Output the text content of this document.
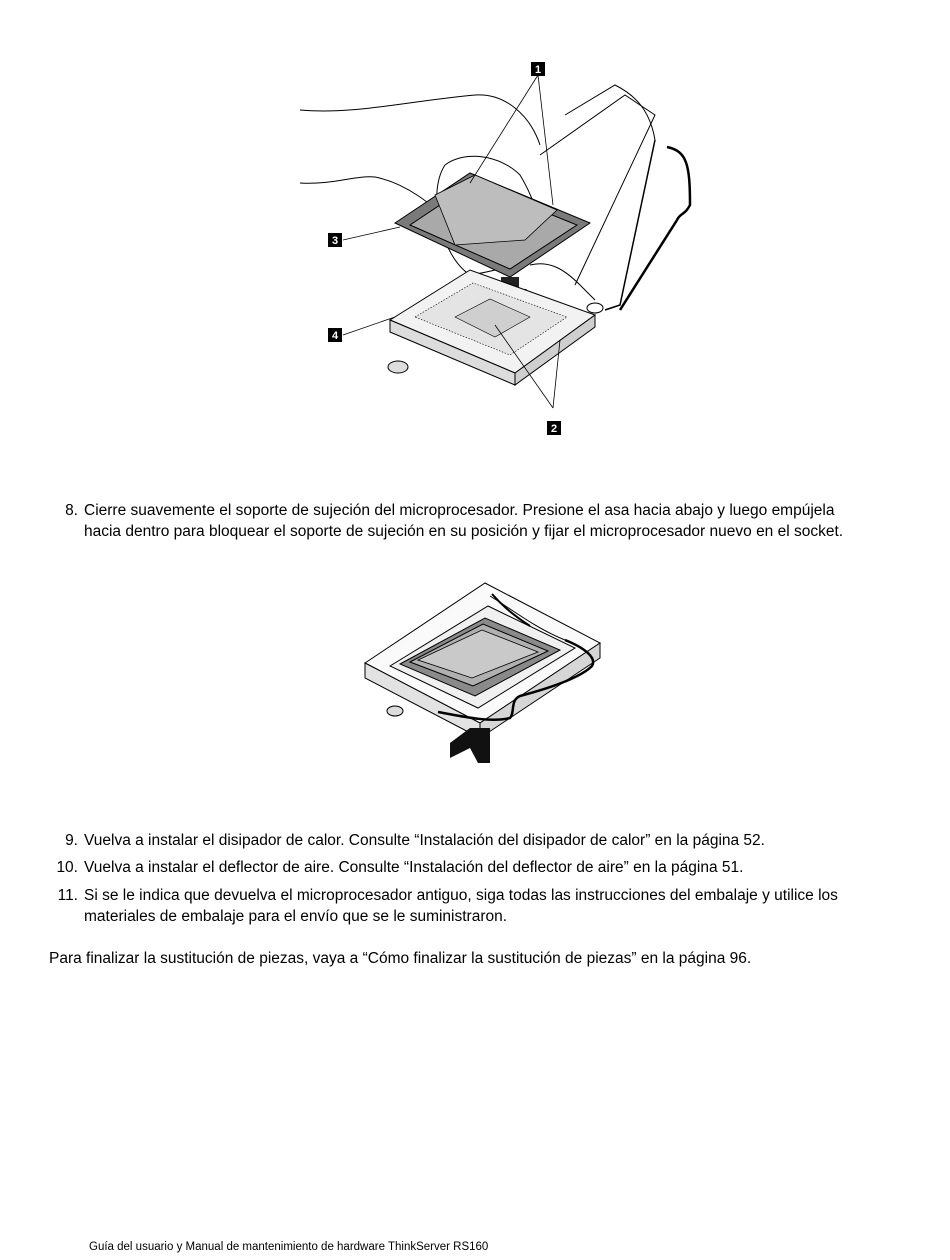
1
2
3
4
8. Cierre suavemente el soporte de sujeción del microprocesador. Presione el asa hacia abajo y luego empújela hacia dentro para bloquear el soporte de sujeción en su posición y fijar el microprocesador nuevo en el socket.
9. Vuelva a instalar el disipador de calor. Consulte “Instalación del disipador de calor” en la página 52.
10. Vuelva a instalar el deflector de aire. Consulte “Instalación del deflector de aire” en la página 51.
11. Si se le indica que devuelva el microprocesador antiguo, siga todas las instrucciones del embalaje y utilice los materiales de embalaje para el envío que se le suministraron.
Para finalizar la sustitución de piezas, vaya a “Cómo finalizar la sustitución de piezas” en la página 96.
Guía del usuario y Manual de mantenimiento de hardware ThinkServer RS160
